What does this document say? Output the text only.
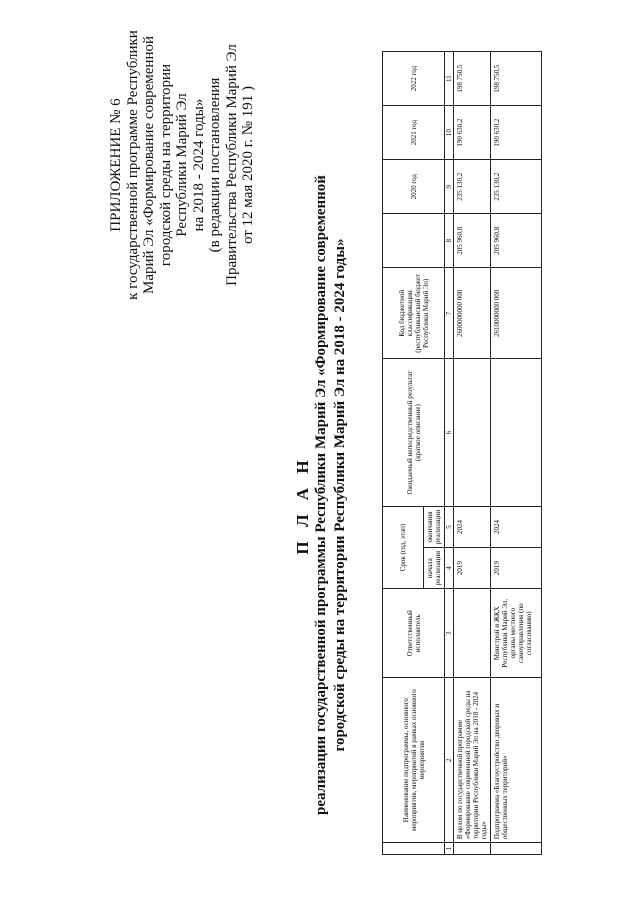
ПРИЛОЖЕНИЕ № 6 к государственной программе Республики Марий Эл «Формирование современной городской среды на территории Республики Марий Эл на 2018 - 2024 годы» (в редакции постановления Правительства Республики Марий Эл от 12 мая 2020 г. № 191 )
П Л А Н реализации государственной программы Республики Марий Эл «Формирование современной городской среды на территории Республики Марий Эл на 2018 - 2024 годы»
	Наименование подпрограммы, основного мероприятия, мероприятий в рамках основного мероприятия	Ответственный исполнитель	Срок (год, этап)		Ожидаемый непосредственный результат (краткое описание)	Код бюджетной классификации (республиканский бюджет Республики Марий Эл)		2020 год	2021 год	2022 год
			начала реализации	окончания реализации						
1	2	3	4	5	6	7	8	9	10	11
	В целом по государственной программе «Формирование современной городской среды на территории Республики Марий Эл на 2018 - 2024 годы»		2019	2024		2600000000 000	205 960,8	235 130,2	190 630,2	198 750,5
	Подпрограмма «Благоустройство дворовых и общественных территорий»	Минстрой и ЖКХ Республики Марий Эл, органы местного самоуправления (по согласованию)	2019	2024		2610000000 000	205 960,8	235 130,2	190 630,2	198 750,5
